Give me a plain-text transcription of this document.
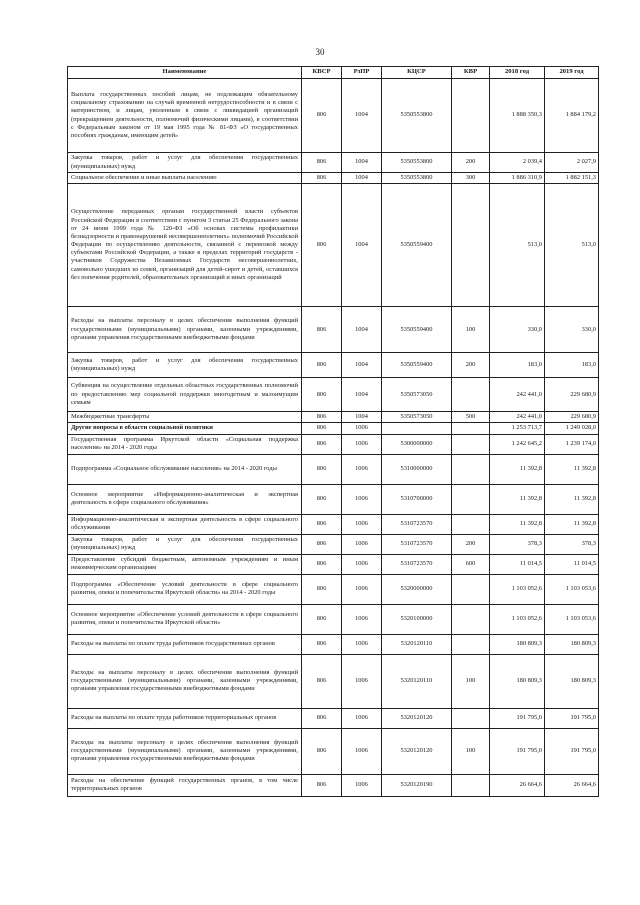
30
Наименование	КВСР	РзПР	КЦСР	КВР	2018 год	2019 год
Выплата государственных пособий лицам, не подлежащим обязательному социальному страхованию на случай временной нетрудоспособности и в связи с материнством, и лицам, уволенным в связи с ликвидацией организаций (прекращением деятельности, полномочий физическими лицами), в соответствии с Федеральным законом от 19 мая 1995 года № 81-ФЗ «О государственных пособиях гражданам, имеющим детей»	806	1004	5350553800		1 888 350,3	1 884 179,2
Закупка товаров, работ и услуг для обеспечения государственных (муниципальных) нужд	806	1004	5350553800	200	2 039,4	2 027,9
Социальное обеспечение и иные выплаты населению	806	1004	5350553800	300	1 886 310,9	1 882 151,3
Осуществление переданных органам государственной власти субъектов Российской Федерации в соответствии с пунктом 3 статьи 25 Федерального закона от 24 июня 1999 года № 120-ФЗ «Об основах системы профилактики безнадзорности и правонарушений несовершеннолетних» полномочий Российской Федерации по осуществлению деятельности, связанной с перевозкой между субъектами Российской Федерации, а также в пределах территорий государств - участников Содружества Независимых Государств несовершеннолетних, самовольно ушедших из семей, организаций для детей-сирот и детей, оставшихся без попечения родителей, образовательных организаций и иных организаций	806	1004	5350559400		513,0	513,0
Расходы на выплаты персоналу в целях обеспечения выполнения функций государственными (муниципальными) органами, казенными учреждениями, органами управления государственными внебюджетными фондами	806	1004	5350559400	100	330,0	330,0
Закупка товаров, работ и услуг для обеспечения государственных (муниципальных) нужд	806	1004	5350559400	200	183,0	183,0
Субвенция на осуществление отдельных областных государственных полномочий по предоставлению мер социальной поддержки многодетным и малоимущим семьям	806	1004	5350573050		242 441,0	229 680,9
Межбюджетные трансферты	806	1004	5350573050	500	242 441,0	229 680,9
Другие вопросы в области социальной политики	806	1006			1 253 713,7	1 249 028,0
Государственная программа Иркутской области «Социальная поддержка населения» на 2014 - 2020 годы	806	1006	5300000000		1 242 645,2	1 239 174,0
Подпрограмма «Социальное обслуживание населения» на 2014 - 2020 годы	806	1006	5310000000		11 392,8	11 392,8
Основное мероприятие «Информационно-аналитическая и экспертная деятельность в сфере социального обслуживания»	806	1006	5310700000		11 392,8	11 392,8
Информационно-аналитическая и экспертная деятельность в сфере социального обслуживания	806	1006	5310723570		11 392,8	11 392,8
Закупка товаров, работ и услуг для обеспечения государственных (муниципальных) нужд	806	1006	5310723570	200	378,3	378,3
Предоставление субсидий бюджетным, автономным учреждениям и иным некоммерческим организациям	806	1006	5310723570	600	11 014,5	11 014,5
Подпрограмма «Обеспечение условий деятельности в сфере социального развития, опеки и попечительства Иркутской области» на 2014 - 2020 годы	806	1006	5320000000		1 103 052,6	1 103 053,6
Основное мероприятие «Обеспечение условий деятельности в сфере социального развития, опеки и попечительства Иркутской области»	806	1006	5320100000		1 103 052,6	1 103 053,6
Расходы на выплаты по оплате труда работников государственных органов	806	1006	5320120110		180 809,3	180 809,3
Расходы на выплаты персоналу в целях обеспечения выполнения функций государственными (муниципальными) органами, казенными учреждениями, органами управления государственными внебюджетными фондами	806	1006	5320120110	100	180 809,3	180 809,3
Расходы на выплаты по оплате труда работников территориальных органов	806	1006	5320120120		191 795,0	191 795,0
Расходы на выплаты персоналу в целях обеспечения выполнения функций государственными (муниципальными) органами, казенными учреждениями, органами управления государственными внебюджетными фондами	806	1006	5320120120	100	191 795,0	191 795,0
Расходы на обеспечение функций государственных органов, в том числе территориальных органов	806	1006	5320120190		26 664,6	26 664,6
